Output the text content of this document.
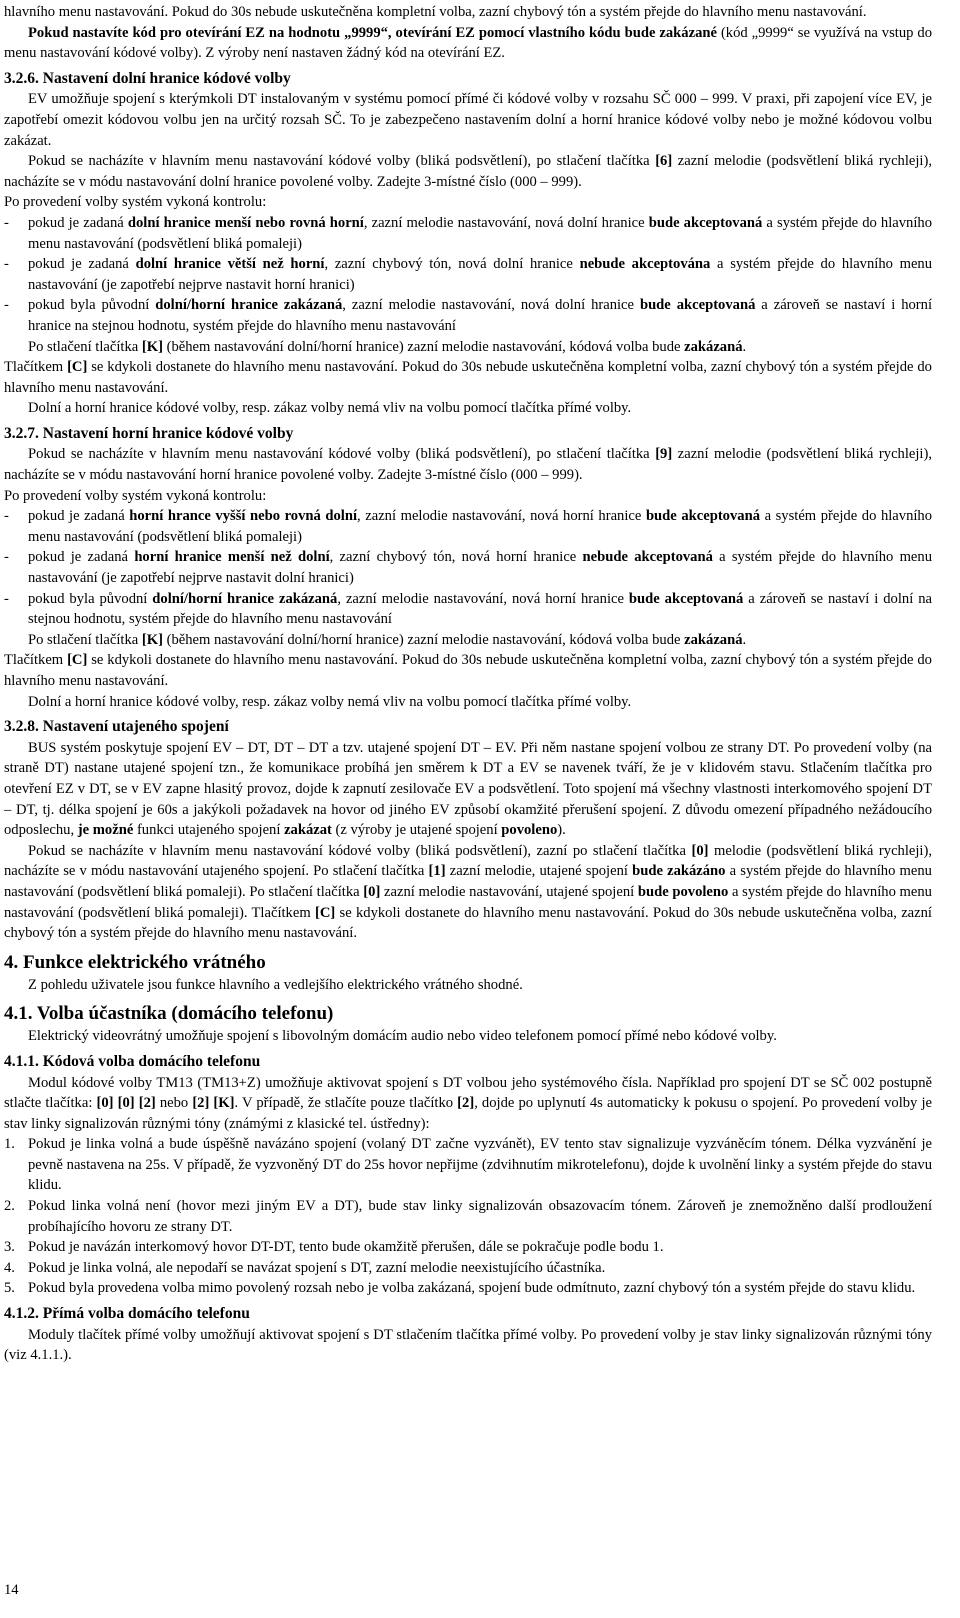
hlavního menu nastavování. Pokud do 30s nebude uskutečněna kompletní volba, zazní chybový tón a systém přejde do hlavního menu nastavování.

Pokud nastavíte kód pro otevírání EZ na hodnotu „9999“, otevírání EZ pomocí vlastního kódu bude zakázané (kód „9999“ se využívá na vstup do menu nastavování kódové volby). Z výroby není nastaven žádný kód na otevírání EZ.

3.2.6. Nastavení dolní hranice kódové volby

EV umožňuje spojení s kterýmkoli DT instalovaným v systému pomocí přímé či kódové volby v rozsahu SČ 000 – 999. V praxi, při zapojení více EV, je zapotřebí omezit kódovou volbu jen na určitý rozsah SČ. To je zabezpečeno nastavením dolní a horní hranice kódové volby nebo je možné kódovou volbu zakázat.

Pokud se nacházíte v hlavním menu nastavování kódové volby (bliká podsvětlení), po stlačení tlačítka [6] zazní melodie (podsvětlení bliká rychleji), nacházíte se v módu nastavování dolní hranice povolené volby. Zadejte 3-místné číslo (000 – 999).

Po provedení volby systém vykoná kontrolu:

- pokud je zadaná dolní hranice menší nebo rovná horní, zazní melodie nastavování, nová dolní hranice bude akceptovaná a systém přejde do hlavního menu nastavování (podsvětlení bliká pomaleji)
- pokud je zadaná dolní hranice větší než horní, zazní chybový tón, nová dolní hranice nebude akceptována a systém přejde do hlavního menu nastavování (je zapotřebí nejprve nastavit horní hranici)
- pokud byla původní dolní/horní hranice zakázaná, zazní melodie nastavování, nová dolní hranice bude akceptovaná a zároveň se nastaví i horní hranice na stejnou hodnotu, systém přejde do hlavního menu nastavování

Po stlačení tlačítka [K] (během nastavování dolní/horní hranice) zazní melodie nastavování, kódová volba bude zakázaná.

Tlačítkem [C] se kdykoli dostanete do hlavního menu nastavování. Pokud do 30s nebude uskutečněna kompletní volba, zazní chybový tón a systém přejde do hlavního menu nastavování.

Dolní a horní hranice kódové volby, resp. zákaz volby nemá vliv na volbu pomocí tlačítka přímé volby.

3.2.7. Nastavení horní hranice kódové volby

Pokud se nacházíte v hlavním menu nastavování kódové volby (bliká podsvětlení), po stlačení tlačítka [9] zazní melodie (podsvětlení bliká rychleji), nacházíte se v módu nastavování horní hranice povolené volby. Zadejte 3-místné číslo (000 – 999).

Po provedení volby systém vykoná kontrolu:

- pokud je zadaná horní hrance vyšší nebo rovná dolní, zazní melodie nastavování, nová horní hranice bude akceptovaná a systém přejde do hlavního menu nastavování (podsvětlení bliká pomaleji)
- pokud je zadaná horní hranice menší než dolní, zazní chybový tón, nová horní hranice nebude akceptovaná a systém přejde do hlavního menu nastavování (je zapotřebí nejprve nastavit dolní hranici)
- pokud byla původní dolní/horní hranice zakázaná, zazní melodie nastavování, nová horní hranice bude akceptovaná a zároveň se nastaví i dolní na stejnou hodnotu, systém přejde do hlavního menu nastavování

Po stlačení tlačítka [K] (během nastavování dolní/horní hranice) zazní melodie nastavování, kódová volba bude zakázaná.

Tlačítkem [C] se kdykoli dostanete do hlavního menu nastavování. Pokud do 30s nebude uskutečněna kompletní volba, zazní chybový tón a systém přejde do hlavního menu nastavování.

Dolní a horní hranice kódové volby, resp. zákaz volby nemá vliv na volbu pomocí tlačítka přímé volby.

3.2.8. Nastavení utajeného spojení

BUS systém poskytuje spojení EV – DT, DT – DT a tzv. utajené spojení DT – EV. Při něm nastane spojení volbou ze strany DT. Po provedení volby (na straně DT) nastane utajené spojení tzn., že komunikace probíhá jen směrem k DT a EV se navenek tváří, že je v klidovém stavu. Stlačením tlačítka pro otevření EZ v DT, se v EV zapne hlasitý provoz, dojde k zapnutí zesilovače EV a podsvětlení. Toto spojení má všechny vlastnosti interkomového spojení DT – DT, tj. délka spojení je 60s a jakýkoli požadavek na hovor od jiného EV způsobí okamžité přerušení spojení. Z důvodu omezení případného nežádoucího odposlechu, je možné funkci utajeného spojení zakázat (z výroby je utajené spojení povoleno).

Pokud se nacházíte v hlavním menu nastavování kódové volby (bliká podsvětlení), zazní po stlačení tlačítka [0] melodie (podsvětlení bliká rychleji), nacházíte se v módu nastavování utajeného spojení. Po stlačení tlačítka [1] zazní melodie, utajené spojení bude zakázáno a systém přejde do hlavního menu nastavování (podsvětlení bliká pomaleji). Po stlačení tlačítka [0] zazní melodie nastavování, utajené spojení bude povoleno a systém přejde do hlavního menu nastavování (podsvětlení bliká pomaleji). Tlačítkem [C] se kdykoli dostanete do hlavního menu nastavování. Pokud do 30s nebude uskutečněna volba, zazní chybový tón a systém přejde do hlavního menu nastavování.

4. Funkce elektrického vrátného

Z pohledu uživatele jsou funkce hlavního a vedlejšího elektrického vrátného shodné.

4.1. Volba účastníka (domácího telefonu)

Elektrický videovrátný umožňuje spojení s libovolným domácím audio nebo video telefonem pomocí přímé nebo kódové volby.

4.1.1. Kódová volba domácího telefonu

Modul kódové volby TM13 (TM13+Z) umožňuje aktivovat spojení s DT volbou jeho systémového čísla. Například pro spojení DT se SČ 002 postupně stlačte tlačítka: [0] [0] [2] nebo [2] [K]. V případě, že stlačíte pouze tlačítko [2], dojde po uplynutí 4s automaticky k pokusu o spojení. Po provedení volby je stav linky signalizován různými tóny (známými z klasické tel. ústředny):

1. Pokud je linka volná a bude úspěšně navázáno spojení (volaný DT začne vyzvánět), EV tento stav signalizuje vyzváněcím tónem. Délka vyzvánění je pevně nastavena na 25s. V případě, že vyzvoněný DT do 25s hovor nepřijme (zdvihnutím mikrotelefonu), dojde k uvolnění linky a systém přejde do stavu klidu.
2. Pokud linka volná není (hovor mezi jiným EV a DT), bude stav linky signalizován obsazovacím tónem. Zároveň je znemožněno další prodloužení probíhajícího hovoru ze strany DT.
3. Pokud je navázán interkomový hovor DT-DT, tento bude okamžitě přerušen, dále se pokračuje podle bodu 1.
4. Pokud je linka volná, ale nepodaří se navázat spojení s DT, zazní melodie neexistujícího účastníka.
5. Pokud byla provedena volba mimo povolený rozsah nebo je volba zakázaná, spojení bude odmítnuto, zazní chybový tón a systém přejde do stavu klidu.
4.1.2. Přímá volba domácího telefonu

Moduly tlačítek přímé volby umožňují aktivovat spojení s DT stlačením tlačítka přímé volby. Po provedení volby je stav linky signalizován různými tóny (viz 4.1.1.).

14
